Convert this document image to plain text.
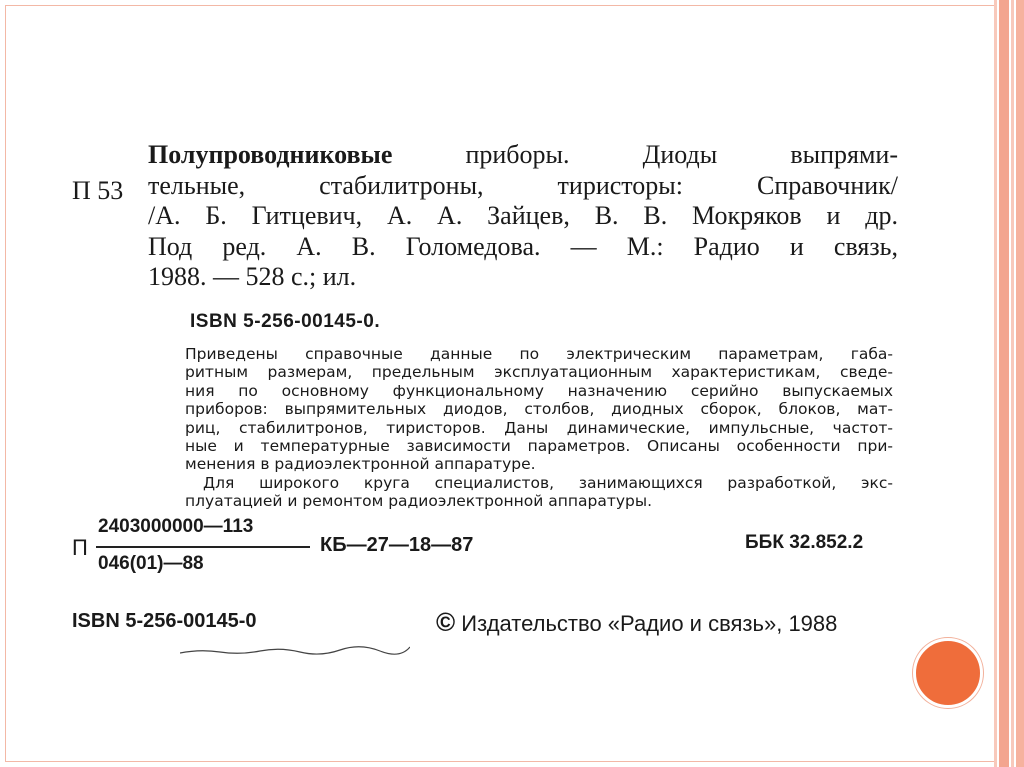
П 53
Полупроводниковые приборы. Диоды выпрями-
тельные, стабилитроны, тиристоры: Справочник/
/А. Б. Гитцевич, А. А. Зайцев, В. В. Мокряков и др.
Под ред. А. В. Голомедова. — М.: Радио и связь,
1988. — 528 с.; ил.
ISBN 5-256-00145-0.
Приведены справочные данные по электрическим параметрам, габа-
ритным размерам, предельным эксплуатационным характеристикам, сведе-
ния по основному функциональному назначению серийно выпускаемых
приборов: выпрямительных диодов, столбов, диодных сборок, блоков, мат-
риц, стабилитронов, тиристоров. Даны динамические, импульсные, частот-
ные и температурные зависимости параметров. Описаны особенности при-
менения в радиоэлектронной аппаратуре.
Для широкого круга специалистов, занимающихся разработкой, экс-
плуатацией и ремонтом радиоэлектронной аппаратуры.
П
2403000000—113
046(01)—88
КБ—27—18—87	ББК 32.852.2
ISBN 5-256-00145-0	© Издательство «Радио и связь», 1988
